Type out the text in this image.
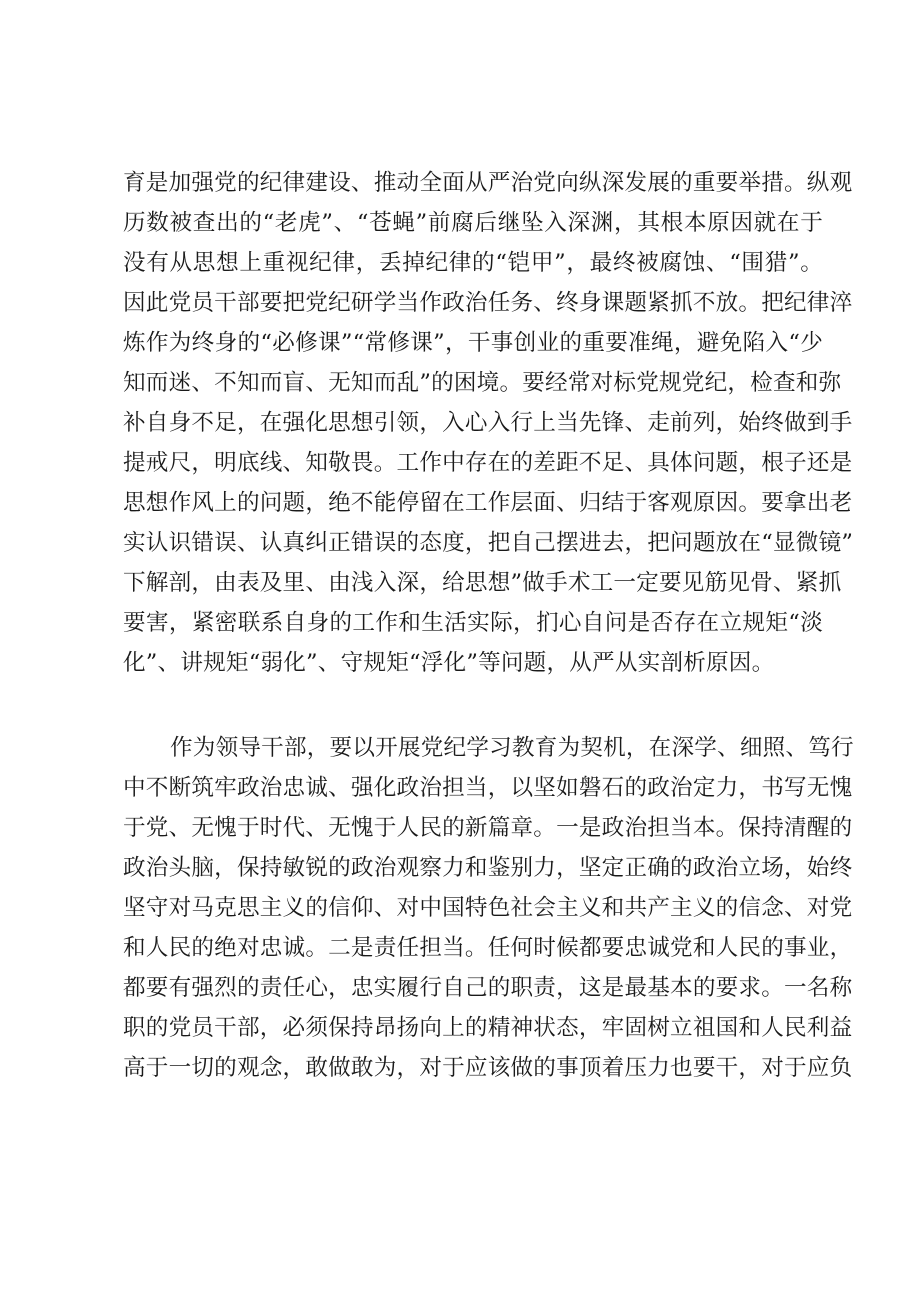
育是加强党的纪律建设、推动全面从严治党向纵深发展的重要举措。纵观
历数被查出的“老虎”、“苍蝇”前腐后继坠入深渊，其根本原因就在于
没有从思想上重视纪律，丢掉纪律的“铠甲”，最终被腐蚀、“围猎”。
因此党员干部要把党纪研学当作政治任务、终身课题紧抓不放。把纪律淬
炼作为终身的“必修课”“常修课”，干事创业的重要准绳，避免陷入“少
知而迷、不知而盲、无知而乱”的困境。要经常对标党规党纪，检查和弥
补自身不足，在强化思想引领，入心入行上当先锋、走前列，始终做到手
提戒尺，明底线、知敬畏。工作中存在的差距不足、具体问题，根子还是
思想作风上的问题，绝不能停留在工作层面、归结于客观原因。要拿出老
实认识错误、认真纠正错误的态度，把自己摆进去，把问题放在“显微镜”
下解剖，由表及里、由浅入深，给思想”做手术工一定要见筋见骨、紧抓
要害，紧密联系自身的工作和生活实际，扪心自问是否存在立规矩“淡
化”、讲规矩“弱化”、守规矩“浮化”等问题，从严从实剖析原因。
作为领导干部，要以开展党纪学习教育为契机，在深学、细照、笃行
中不断筑牢政治忠诚、强化政治担当，以坚如磐石的政治定力，书写无愧
于党、无愧于时代、无愧于人民的新篇章。一是政治担当本。保持清醒的
政治头脑，保持敏锐的政治观察力和鉴别力，坚定正确的政治立场，始终
坚守对马克思主义的信仰、对中国特色社会主义和共产主义的信念、对党
和人民的绝对忠诚。二是责任担当。任何时候都要忠诚党和人民的事业，
都要有强烈的责任心，忠实履行自己的职责，这是最基本的要求。一名称
职的党员干部，必须保持昂扬向上的精神状态，牢固树立祖国和人民利益
高于一切的观念，敢做敢为，对于应该做的事顶着压力也要干，对于应负
